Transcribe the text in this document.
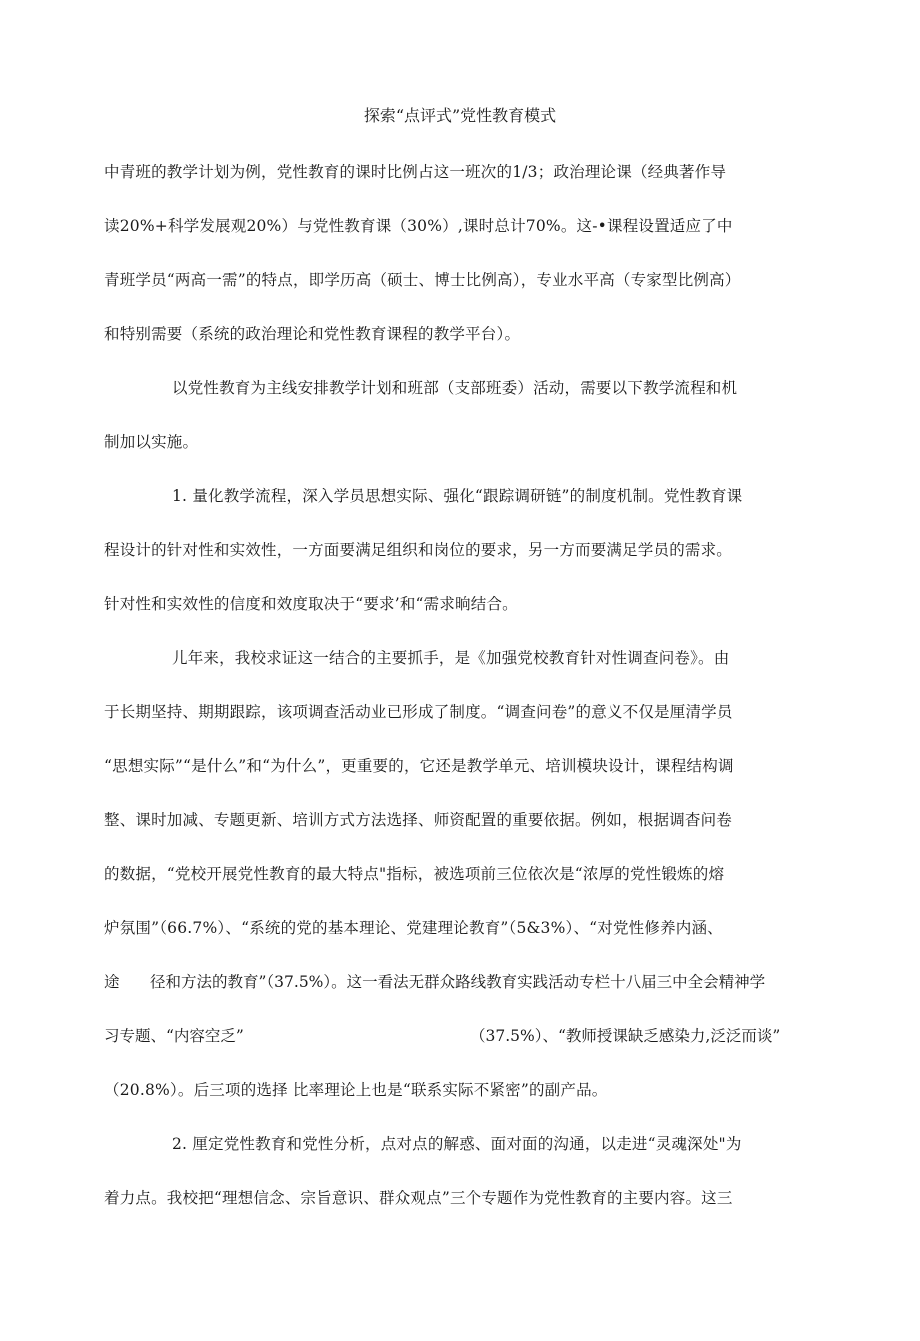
探索“点评式”党性教育模式
中青班的教学计划为例，党性教育的课时比例占这一班次的1/3；政治理论课（经典著作导
读20%+科学发展观20%）与党性教育课（30%）,课时总计70%。这-•课程设置适应了中
青班学员“两高一需”的特点，即学历高（硕士、博士比例高），专业水平高（专家型比例高）
和特别需要（系统的政治理论和党性教育课程的教学平台）。
以党性教育为主线安排教学计划和班部（支部班委）活动，需要以下教学流程和机
制加以实施。
1. 量化教学流程，深入学员思想实际、强化“跟踪调研链”的制度机制。党性教育课
程设计的针对性和实效性，一方面要满足组织和岗位的要求，另一方而要满足学员的需求。
针对性和实效性的信度和效度取决于“要求’和“需求晌结合。
儿年来，我校求证这一结合的主要抓手，是《加强党校教育针对性调查问卷》。由
于长期坚持、期期跟踪，该项调查活动业已形成了制度。“调查问卷”的意义不仅是厘清学员
“思想实际”“是什么”和“为什么”，更重要的，它还是教学单元、培训模块设计，课程结构调
整、课时加减、专题更新、培训方式方法选择、师资配置的重要依据。例如，根据调杳问卷
的数据，“党校开展党性教育的最大特点"指标，被选项前三位依次是“浓厚的党性锻炼的熔
炉氛围”（66.7%）、“系统的党的基本理论、党建理论教育”（5&3%）、“对党性修养内涵、
途 径和方法的教育”（37.5%）。这一看法无群众路线教育实践活动专栏十八届三中全会精神学
习专题、“内容空乏”	（37.5%）、“教师授课缺乏感染力,泛泛而谈”
（20.8%）。后三项的选择 比率理论上也是“联系实际不紧密”的副产品。
2. 厘定党性教育和党性分析，点对点的解惑、面对面的沟通，以走进“灵魂深处"为
着力点。我校把“理想信念、宗旨意识、群众观点”三个专题作为党性教育的主要内容。这三
